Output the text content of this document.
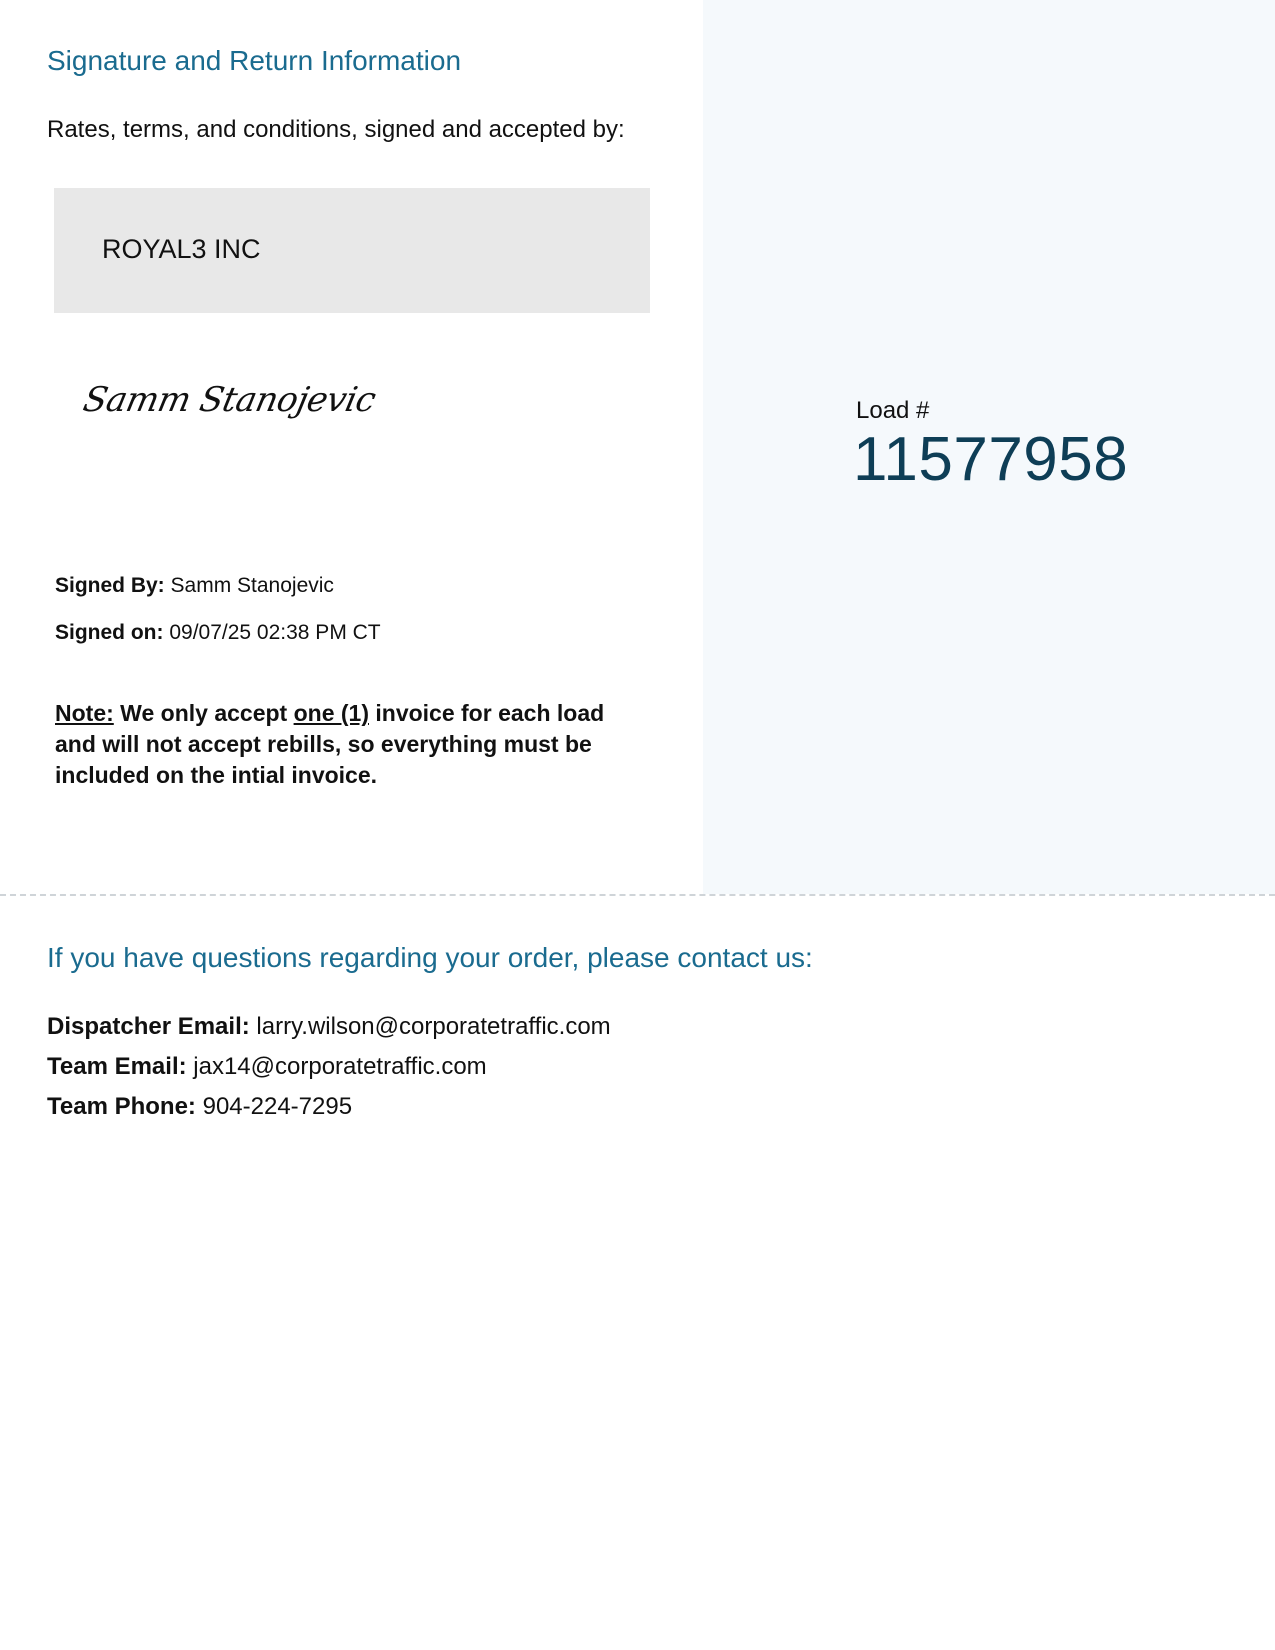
Signature and Return Information

Rates, terms, and conditions, signed and accepted by:

ROYAL3 INC
Samm Stanojevic

Signed By: Samm Stanojevic

Signed on: 09/07/25 02:38 PM CT

Note: We only accept one (1) invoice for each load and will not accept rebills, so everything must be included on the intial invoice.

Load #
11577958
If you have questions regarding your order, please contact us:

Dispatcher Email: larry.wilson@corporatetraffic.com

Team Email: jax14@corporatetraffic.com

Team Phone: 904-224-7295
